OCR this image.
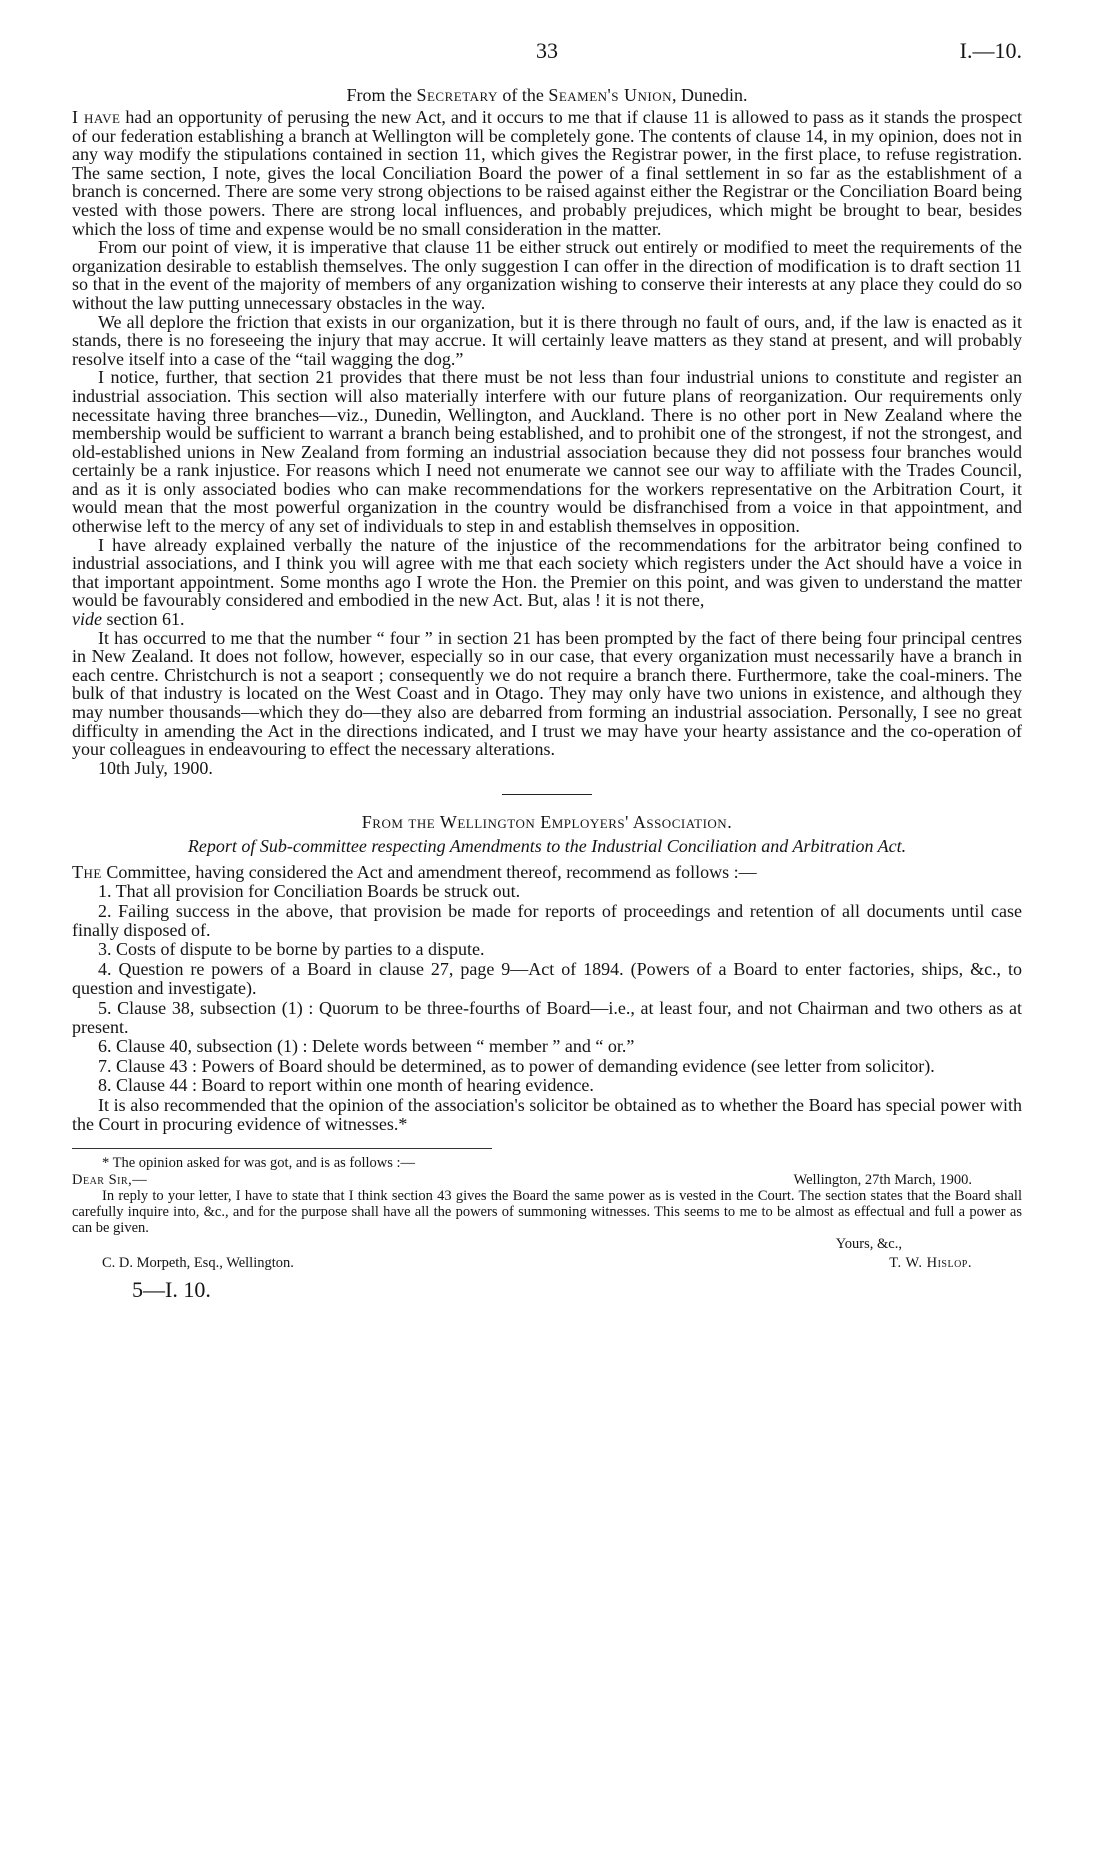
33	I.—10.
From the Secretary of the Seamen's Union, Dunedin.

I have had an opportunity of perusing the new Act, and it occurs to me that if clause 11 is allowed to pass as it stands the prospect of our federation establishing a branch at Wellington will be completely gone. The contents of clause 14, in my opinion, does not in any way modify the stipulations contained in section 11, which gives the Registrar power, in the first place, to refuse registration. The same section, I note, gives the local Conciliation Board the power of a final settlement in so far as the establishment of a branch is concerned. There are some very strong objections to be raised against either the Registrar or the Conciliation Board being vested with those powers. There are strong local influences, and probably prejudices, which might be brought to bear, besides which the loss of time and expense would be no small consideration in the matter.

From our point of view, it is imperative that clause 11 be either struck out entirely or modified to meet the requirements of the organization desirable to establish themselves. The only suggestion I can offer in the direction of modification is to draft section 11 so that in the event of the majority of members of any organization wishing to conserve their interests at any place they could do so without the law putting unnecessary obstacles in the way.

We all deplore the friction that exists in our organization, but it is there through no fault of ours, and, if the law is enacted as it stands, there is no foreseeing the injury that may accrue. It will certainly leave matters as they stand at present, and will probably resolve itself into a case of the “tail wagging the dog.”

I notice, further, that section 21 provides that there must be not less than four industrial unions to constitute and register an industrial association. This section will also materially interfere with our future plans of reorganization. Our requirements only necessitate having three branches—viz., Dunedin, Wellington, and Auckland. There is no other port in New Zealand where the membership would be sufficient to warrant a branch being established, and to prohibit one of the strongest, if not the strongest, and old-established unions in New Zealand from forming an industrial association because they did not possess four branches would certainly be a rank injustice. For reasons which I need not enumerate we cannot see our way to affiliate with the Trades Council, and as it is only associated bodies who can make recommendations for the workers representative on the Arbitration Court, it would mean that the most powerful organization in the country would be disfranchised from a voice in that appointment, and otherwise left to the mercy of any set of individuals to step in and establish themselves in opposition.

I have already explained verbally the nature of the injustice of the recommendations for the arbitrator being confined to industrial associations, and I think you will agree with me that each society which registers under the Act should have a voice in that important appointment. Some months ago I wrote the Hon. the Premier on this point, and was given to understand the matter would be favourably considered and embodied in the new Act. But, alas ! it is not there,
vide section 61.

It has occurred to me that the number “ four ” in section 21 has been prompted by the fact of there being four principal centres in New Zealand. It does not follow, however, especially so in our case, that every organization must necessarily have a branch in each centre. Christchurch is not a seaport ; consequently we do not require a branch there. Furthermore, take the coal-miners. The bulk of that industry is located on the West Coast and in Otago. They may only have two unions in existence, and although they may number thousands—which they do—they also are debarred from forming an industrial association. Personally, I see no great difficulty in amending the Act in the directions indicated, and I trust we may have your hearty assistance and the co-operation of your colleagues in endeavouring to effect the necessary alterations.

10th July, 1900.
From the Wellington Employers' Association.
Report of Sub-committee respecting Amendments to the Industrial Conciliation and Arbitration Act.

The Committee, having considered the Act and amendment thereof, recommend as follows :—

1. That all provision for Conciliation Boards be struck out.
2. Failing success in the above, that provision be made for reports of proceedings and retention of all documents until case finally disposed of.
3. Costs of dispute to be borne by parties to a dispute.
4. Question re powers of a Board in clause 27, page 9—Act of 1894. (Powers of a Board to enter factories, ships, &c., to question and investigate).
5. Clause 38, subsection (1) : Quorum to be three-fourths of Board—i.e., at least four, and not Chairman and two others as at present.
6. Clause 40, subsection (1) : Delete words between “ member ” and “ or.”
7. Clause 43 : Powers of Board should be determined, as to power of demanding evidence (see letter from solicitor).
8. Clause 44 : Board to report within one month of hearing evidence.
It is also recommended that the opinion of the association's solicitor be obtained as to whether the Board has special power with the Court in procuring evidence of witnesses.*
* The opinion asked for was got, and is as follows :—
Dear Sir,—	Wellington, 27th March, 1900.

In reply to your letter, I have to state that I think section 43 gives the Board the same power as is vested in the Court. The section states that the Board shall carefully inquire into, &c., and for the purpose shall have all the powers of summoning witnesses. This seems to me to be almost as effectual and full a power as can be given.

Yours, &c.,
C. D. Morpeth, Esq., Wellington.	T. W. Hislop.
5—I. 10.
